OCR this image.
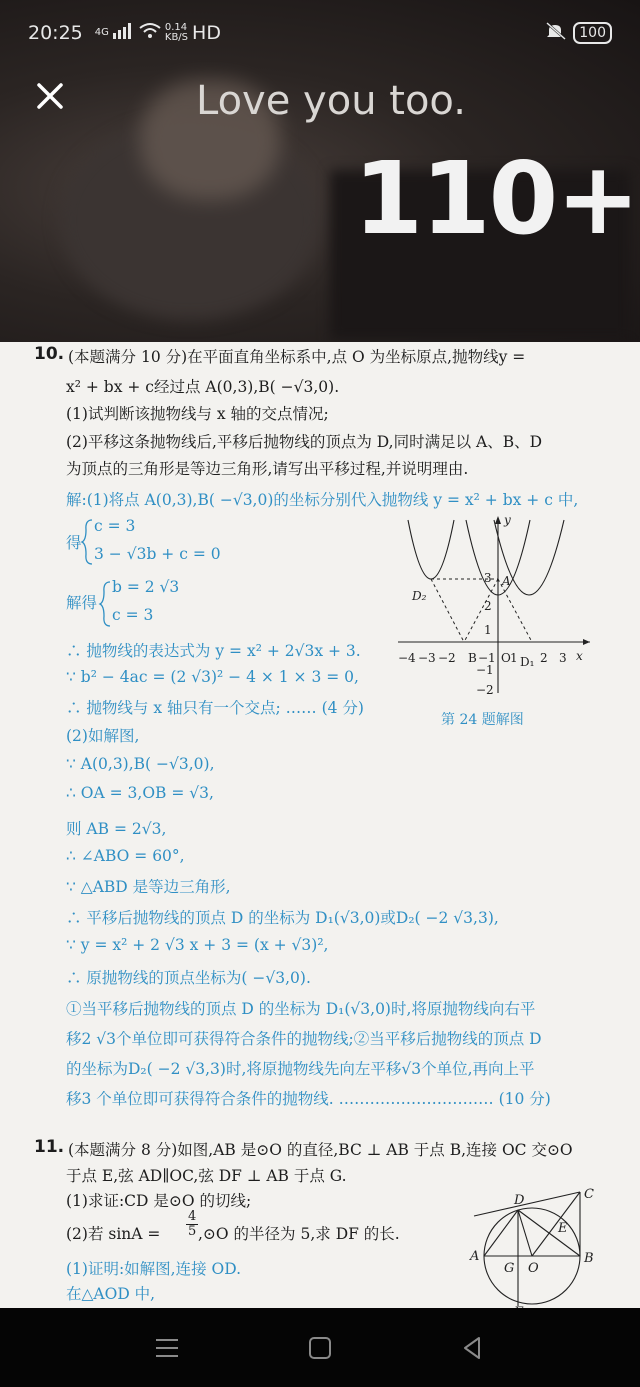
20:25 4G	0.14
KB/S HD	100
Love you too.
110+
10. (本题满分 10 分)在平面直角坐标系中,点 O 为坐标原点,抛物线y =
x² + bx + c经过点 A(0,3),B( −√3,0).
(1)试判断该抛物线与 x 轴的交点情况;
(2)平移这条抛物线后,平移后抛物线的顶点为 D,同时满足以 A、B、D
为顶点的三角形是等边三角形,请写出平移过程,并说明理由.
解:(1)将点 A(0,3),B( −√3,0)的坐标分别代入抛物线 y = x² + bx + c 中,
得
c = 3
3 − √3b + c = 0
解得
b = 2 √3
c = 3
∴ 抛物线的表达式为 y = x² + 2√3x + 3.
∵ b² − 4ac = (2 √3)² − 4 × 1 × 3 = 0,
∴ 抛物线与 x 轴只有一个交点; …… (4 分)
(2)如解图,
∵ A(0,3),B( −√3,0),
∴ OA = 3,OB = √3,
则 AB = 2√3,
∴ ∠ABO = 60°,
∵ △ABD 是等边三角形,
∴ 平移后抛物线的顶点 D 的坐标为 D₁(√3,0)或D₂( −2 √3,3),
∵ y = x² + 2 √3 x + 3 = (x + √3)²,
∴ 原抛物线的顶点坐标为( −√3,0).
①当平移后抛物线的顶点 D 的坐标为 D₁(√3,0)时,将原抛物线向右平
移2 √3个单位即可获得符合条件的抛物线;②当平移后抛物线的顶点 D
的坐标为D₂( −2 √3,3)时,将原抛物线先向左平移√3个单位,再向上平
移3 个单位即可获得符合条件的抛物线. ………………………… (10 分)
−4 −3 −2 B −1 O 1 D₁ 2 3 x
y
3 A
2
1
−1
−2
D₂
第 24 题解图
11. (本题满分 8 分)如图,AB 是⊙O 的直径,BC ⊥ AB 于点 B,连接 OC 交⊙O
于点 E,弦 AD∥OC,弦 DF ⊥ AB 于点 G.
(1)求证:CD 是⊙O 的切线;
(2)若 sinA =
4
5 ,⊙O 的半径为 5,求 DF 的长.
(1)证明:如解图,连接 OD.
在△AOD 中,
A	B
C
D
E
G O
